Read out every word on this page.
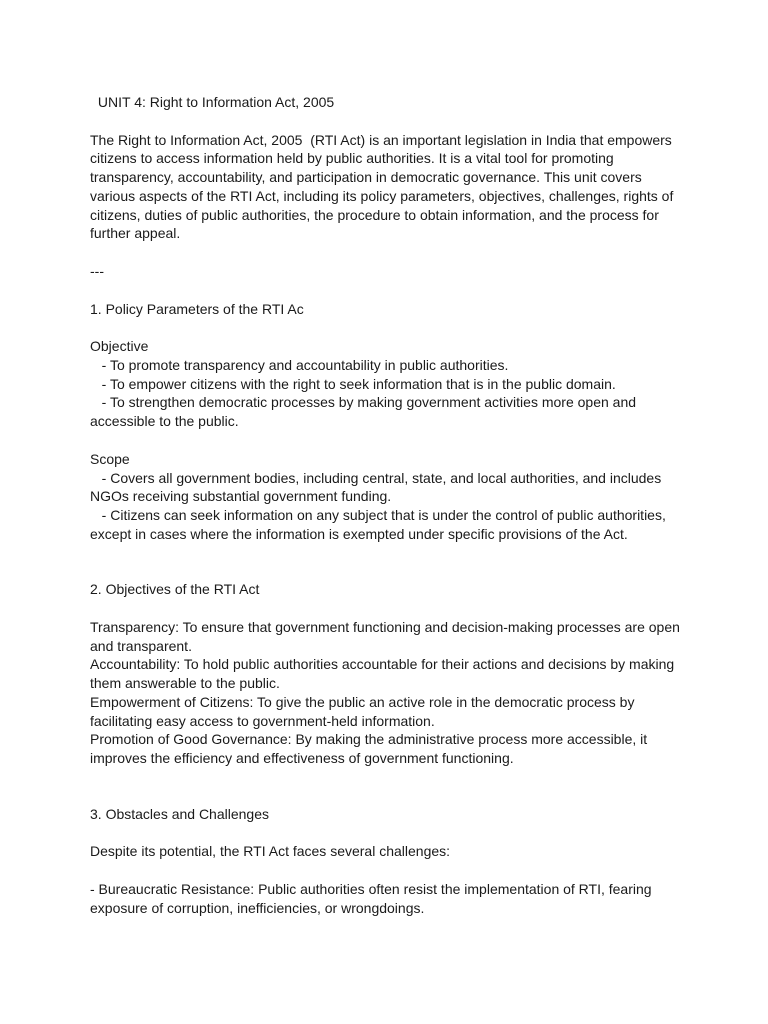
UNIT 4: Right to Information Act, 2005

The Right to Information Act, 2005  (RTI Act) is an important legislation in India that empowers citizens to access information held by public authorities. It is a vital tool for promoting transparency, accountability, and participation in democratic governance. This unit covers various aspects of the RTI Act, including its policy parameters, objectives, challenges, rights of citizens, duties of public authorities, the procedure to obtain information, and the process for further appeal.

---

1. Policy Parameters of the RTI Ac

Objective

- To promote transparency and accountability in public authorities.

- To empower citizens with the right to seek information that is in the public domain.

- To strengthen democratic processes by making government activities more open and accessible to the public.

Scope

- Covers all government bodies, including central, state, and local authorities, and includes NGOs receiving substantial government funding.

- Citizens can seek information on any subject that is under the control of public authorities, except in cases where the information is exempted under specific provisions of the Act.

2. Objectives of the RTI Act

Transparency: To ensure that government functioning and decision-making processes are open and transparent.

Accountability: To hold public authorities accountable for their actions and decisions by making them answerable to the public.

Empowerment of Citizens: To give the public an active role in the democratic process by facilitating easy access to government-held information.

Promotion of Good Governance: By making the administrative process more accessible, it improves the efficiency and effectiveness of government functioning.

3. Obstacles and Challenges

Despite its potential, the RTI Act faces several challenges:

- Bureaucratic Resistance: Public authorities often resist the implementation of RTI, fearing exposure of corruption, inefficiencies, or wrongdoings.
